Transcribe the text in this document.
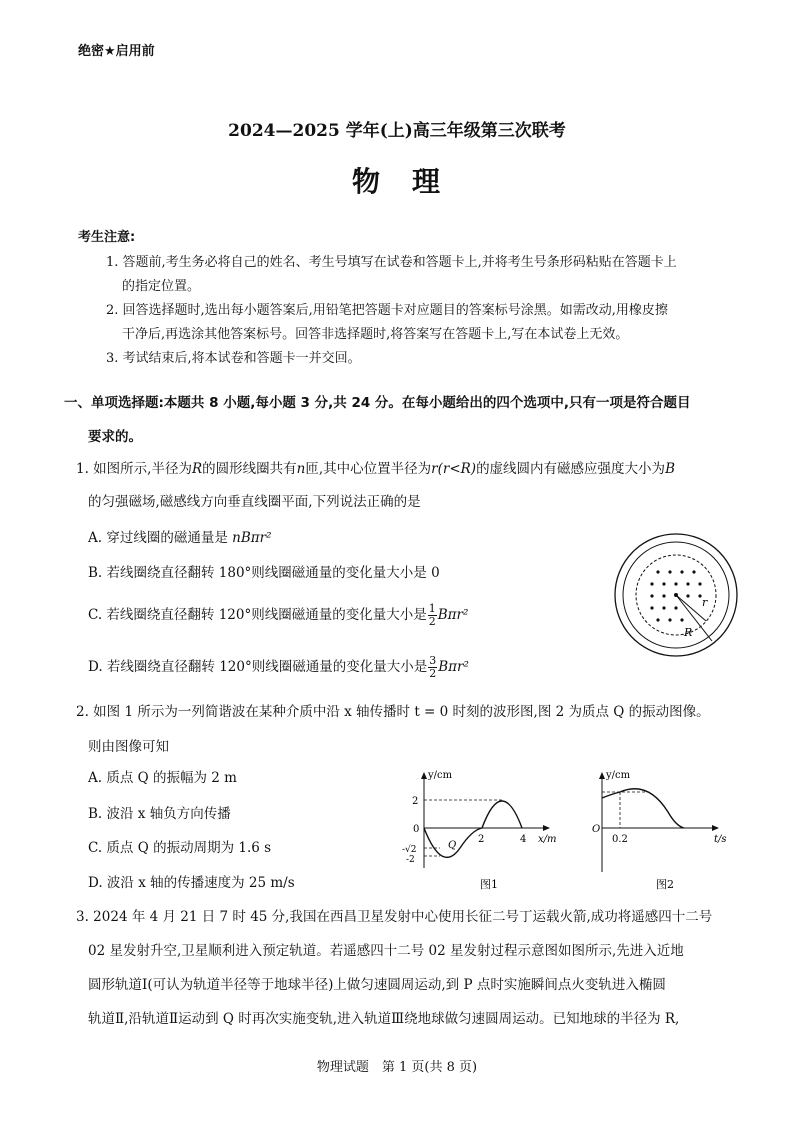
绝密★启用前
2024—2025 学年(上)高三年级第三次联考
物　理
考生注意:
1. 答题前,考生务必将自己的姓名、考生号填写在试卷和答题卡上,并将考生号条形码粘贴在答题卡上
的指定位置。
2. 回答选择题时,选出每小题答案后,用铅笔把答题卡对应题目的答案标号涂黑。如需改动,用橡皮擦
干净后,再选涂其他答案标号。回答非选择题时,将答案写在答题卡上,写在本试卷上无效。
3. 考试结束后,将本试卷和答题卡一并交回。
一、单项选择题:本题共 8 小题,每小题 3 分,共 24 分。在每小题给出的四个选项中,只有一项是符合题目
要求的。
1. 如图所示,半径为R的圆形线圈共有n匝,其中心位置半径为r(r<R)的虚线圆内有磁感应强度大小为B
的匀强磁场,磁感线方向垂直线圈平面,下列说法正确的是
A. 穿过线圈的磁通量是 nBπr²
B. 若线圈绕直径翻转 180°则线圈磁通量的变化量大小是 0
C. 若线圈绕直径翻转 120°则线圈磁通量的变化量大小是 $\frac{1}{2} B\pi r^2$
D. 若线圈绕直径翻转 120°则线圈磁通量的变化量大小是 $\frac{3}{2} B\pi r^2$
r
R
2. 如图 1 所示为一列简谐波在某种介质中沿 x 轴传播时 t = 0 时刻的波形图,图 2 为质点 Q 的振动图像。
则由图像可知
A. 质点 Q 的振幅为 2 m
B. 波沿 x 轴负方向传播
C. 质点 Q 的振动周期为 1.6 s
D. 波沿 x 轴的传播速度为 25 m/s
y/cm
x/m
2
-√2
-2
0
2	4
Q
图1
y/cm
t/s
O
0.2
图2
3. 2024 年 4 月 21 日 7 时 45 分,我国在西昌卫星发射中心使用长征二号丁运载火箭,成功将遥感四十二号
02 星发射升空,卫星顺利进入预定轨道。若遥感四十二号 02 星发射过程示意图如图所示,先进入近地
圆形轨道Ⅰ(可认为轨道半径等于地球半径)上做匀速圆周运动,到 P 点时实施瞬间点火变轨进入椭圆
轨道Ⅱ,沿轨道Ⅱ运动到 Q 时再次实施变轨,进入轨道Ⅲ绕地球做匀速圆周运动。已知地球的半径为 R,
物理试题　第 1 页(共 8 页)
